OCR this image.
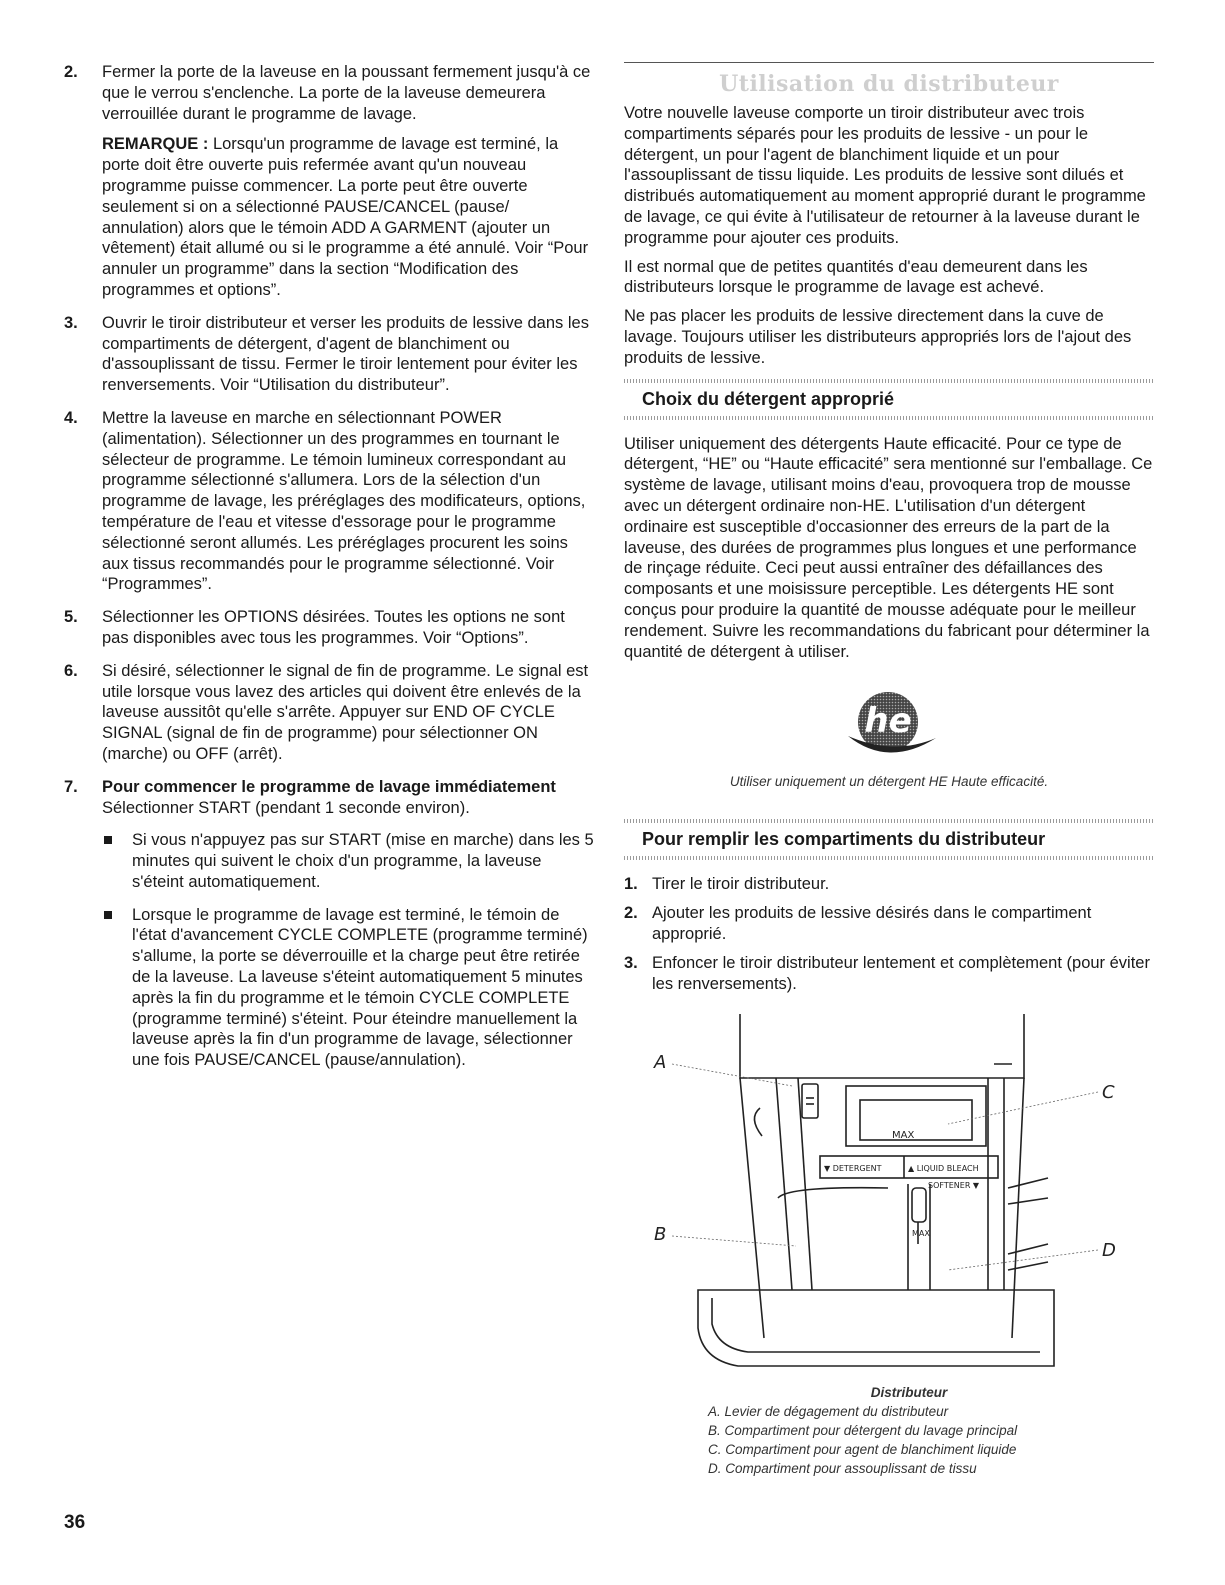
2.	Fermer la porte de la laveuse en la poussant fermement jusqu'à ce que le verrou s'enclenche. La porte de la laveuse demeurera verrouillée durant le programme de lavage.

REMARQUE : Lorsqu'un programme de lavage est terminé, la porte doit être ouverte puis refermée avant qu'un nouveau programme puisse commencer. La porte peut être ouverte seulement si on a sélectionné PAUSE/CANCEL (pause/ annulation) alors que le témoin ADD A GARMENT (ajouter un vêtement) était allumé ou si le programme a été annulé. Voir “Pour annuler un programme” dans la section “Modification des programmes et options”.

3.	Ouvrir le tiroir distributeur et verser les produits de lessive dans les compartiments de détergent, d'agent de blanchiment ou d'assouplissant de tissu. Fermer le tiroir lentement pour éviter les renversements. Voir “Utilisation du distributeur”.

4.	Mettre la laveuse en marche en sélectionnant POWER (alimentation). Sélectionner un des programmes en tournant le sélecteur de programme. Le témoin lumineux correspondant au programme sélectionné s'allumera. Lors de la sélection d'un programme de lavage, les préréglages des modificateurs, options, température de l'eau et vitesse d'essorage pour le programme sélectionné seront allumés. Les préréglages procurent les soins aux tissus recommandés pour le programme sélectionné. Voir “Programmes”.

5.	Sélectionner les OPTIONS désirées. Toutes les options ne sont pas disponibles avec tous les programmes. Voir “Options”.

6.	Si désiré, sélectionner le signal de fin de programme. Le signal est utile lorsque vous lavez des articles qui doivent être enlevés de la laveuse aussitôt qu'elle s'arrête. Appuyer sur END OF CYCLE SIGNAL (signal de fin de programme) pour sélectionner ON (marche) ou OFF (arrêt).

7.	Pour commencer le programme de lavage immédiatement

Sélectionner START (pendant 1 seconde environ).

Si vous n'appuyez pas sur START (mise en marche) dans les 5 minutes qui suivent le choix d'un programme, la laveuse s'éteint automatiquement.
Lorsque le programme de lavage est terminé, le témoin de l'état d'avancement CYCLE COMPLETE (programme terminé) s'allume, la porte se déverrouille et la charge peut être retirée de la laveuse. La laveuse s'éteint automatiquement 5 minutes après la fin du programme et le témoin CYCLE COMPLETE (programme terminé) s'éteint. Pour éteindre manuellement la laveuse après la fin d'un programme de lavage, sélectionner une fois PAUSE/CANCEL (pause/annulation).
Utilisation du distributeur

Votre nouvelle laveuse comporte un tiroir distributeur avec trois compartiments séparés pour les produits de lessive - un pour le détergent, un pour l'agent de blanchiment liquide et un pour l'assouplissant de tissu liquide. Les produits de lessive sont dilués et distribués automatiquement au moment approprié durant le programme de lavage, ce qui évite à l'utilisateur de retourner à la laveuse durant le programme pour ajouter ces produits.

Il est normal que de petites quantités d'eau demeurent dans les distributeurs lorsque le programme de lavage est achevé.

Ne pas placer les produits de lessive directement dans la cuve de lavage. Toujours utiliser les distributeurs appropriés lors de l'ajout des produits de lessive.

Choix du détergent approprié

Utiliser uniquement des détergents Haute efficacité. Pour ce type de détergent, “HE” ou “Haute efficacité” sera mentionné sur l'emballage. Ce système de lavage, utilisant moins d'eau, provoquera trop de mousse avec un détergent ordinaire non-HE. L'utilisation d'un détergent ordinaire est susceptible d'occasionner des erreurs de la part de la laveuse, des durées de programmes plus longues et une performance de rinçage réduite. Ceci peut aussi entraîner des défaillances des composants et une moisissure perceptible. Les détergents HE sont conçus pour produire la quantité de mousse adéquate pour le meilleur rendement. Suivre les recommandations du fabricant pour déterminer la quantité de détergent à utiliser.

he
Utiliser uniquement un détergent HE Haute efficacité.
Pour remplir les compartiments du distributeur
1. Tirer le tiroir distributeur.

2. Ajouter les produits de lessive désirés dans le compartiment approprié.

3. Enfoncer le tiroir distributeur lentement et complètement (pour éviter les renversements).

A
B
C
D
MAX
▼ DETERGENT	▲ LIQUID BLEACH
SOFTENER ▼
MAX
Distributeur
A. Levier de dégagement du distributeur
B. Compartiment pour détergent du lavage principal
C. Compartiment pour agent de blanchiment liquide
D. Compartiment pour assouplissant de tissu
36
